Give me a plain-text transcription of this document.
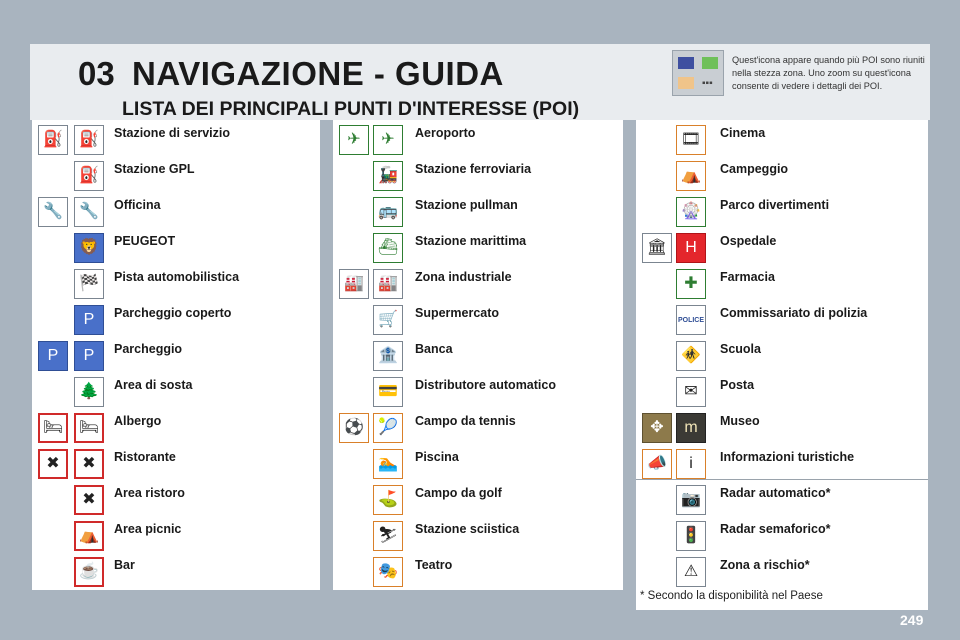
03 NAVIGAZIONE - GUIDA	▪▪▪
Quest'icona appare quando più POI sono riuniti nella stezza zona. Uno zoom su quest'icona consente di vedere i dettagli dei POI.
LISTA DEI PRINCIPALI PUNTI D'INTERESSE (POI)
⛽	⛽	Stazione di servizio
⛽	Stazione GPL
🔧	🔧	Officina
🦁	PEUGEOT
🏁	Pista automobilistica
P	Parcheggio coperto
P	P	Parcheggio
🌲	Area di sosta
🛏 🛏	Albergo
✖	✖	Ristorante
✖	Area ristoro
⛺	Area picnic
☕	Bar
✈	✈	Aeroporto
🚂	Stazione ferroviaria
🚌	Stazione pullman
⛴	Stazione marittima
🏭 🏭	Zona industriale
🛒	Supermercato
🏦	Banca
💳	Distributore automatico
⚽ 🎾	Campo da tennis
🏊	Piscina
⛳	Campo da golf
⛷	Stazione sciistica
🎭	Teatro
🎞	Cinema
⛺	Campeggio
🎡	Parco divertimenti
🏛	H	Ospedale
✚	Farmacia
POLICE Commissariato di polizia
🚸	Scuola
✉	Posta
✥	m	Museo
📣	i	Informazioni turistiche
📷	Radar automatico*
🚦	Radar semaforico*
⚠	Zona a rischio*
* Secondo la disponibilità nel Paese
249
